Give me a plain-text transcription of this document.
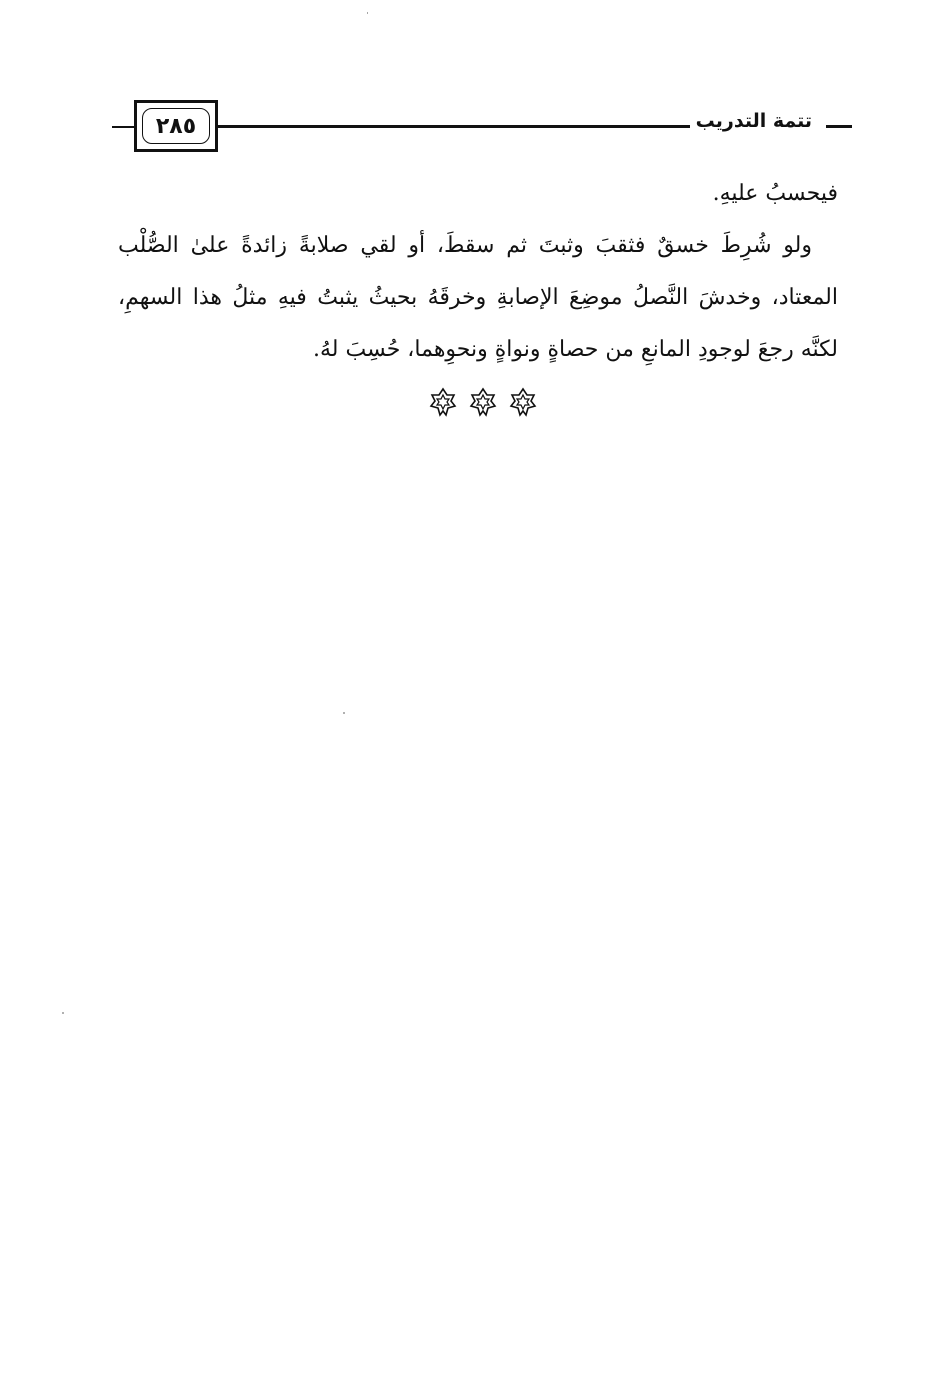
٢٨٥	تتمة التدريب

فيحسبُ عليهِ.

ولو شُرِطَ خسقٌ فثقبَ وثبتَ ثم سقطَ، أو لقي صلابةً زائدةً علىٰ الصُّلْب المعتاد، وخدشَ النَّصلُ موضِعَ الإصابةِ وخرقَهُ بحيثُ يثبتُ فيهِ مثلُ هذا السهمِ، لكنَّه رجعَ لوجودِ المانعِ من حصاةٍ ونواةٍ ونحوِهما، حُسِبَ لهُ.
